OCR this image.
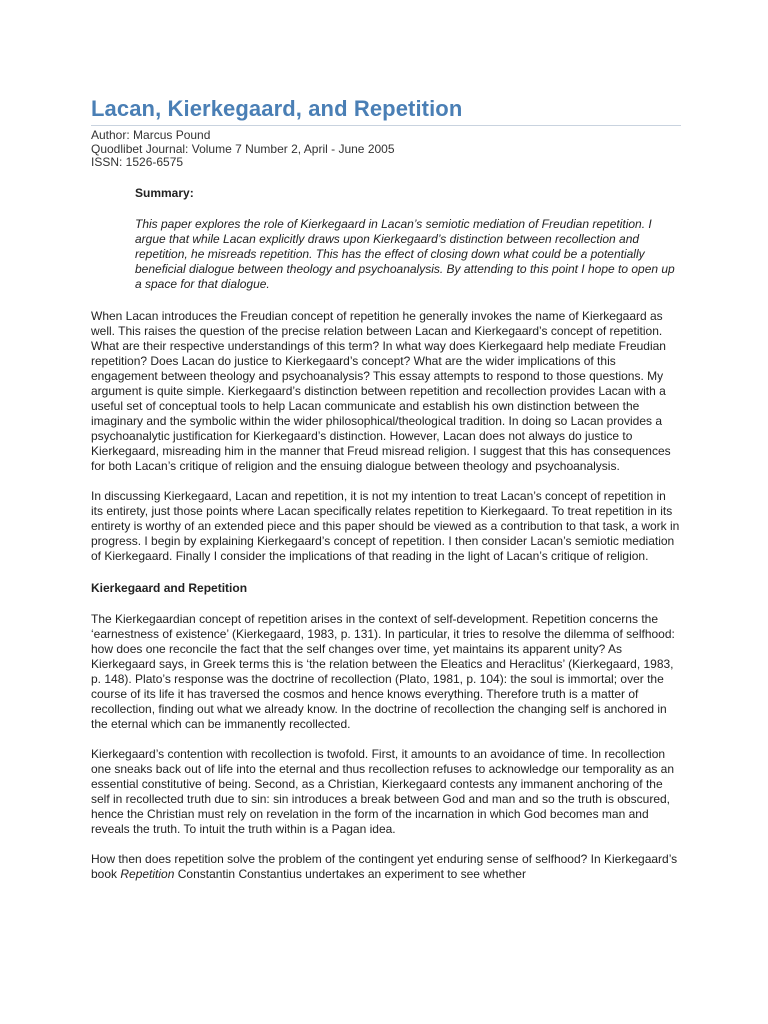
Lacan, Kierkegaard, and Repetition
Author: Marcus Pound
Quodlibet Journal: Volume 7 Number 2, April - June 2005
ISSN: 1526-6575

Summary:

This paper explores the role of Kierkegaard in Lacan’s semiotic mediation of Freudian repetition. I argue that while Lacan explicitly draws upon Kierkegaard’s distinction between recollection and repetition, he misreads repetition. This has the effect of closing down what could be a potentially beneficial dialogue between theology and psychoanalysis. By attending to this point I hope to open up a space for that dialogue.

When Lacan introduces the Freudian concept of repetition he generally invokes the name of Kierkegaard as well. This raises the question of the precise relation between Lacan and Kierkegaard’s concept of repetition. What are their respective understandings of this term? In what way does Kierkegaard help mediate Freudian repetition? Does Lacan do justice to Kierkegaard’s concept? What are the wider implications of this engagement between theology and psychoanalysis? This essay attempts to respond to those questions. My argument is quite simple. Kierkegaard’s distinction between repetition and recollection provides Lacan with a useful set of conceptual tools to help Lacan communicate and establish his own distinction between the imaginary and the symbolic within the wider philosophical/theological tradition. In doing so Lacan provides a psychoanalytic justification for Kierkegaard’s distinction. However, Lacan does not always do justice to Kierkegaard, misreading him in the manner that Freud misread religion. I suggest that this has consequences for both Lacan’s critique of religion and the ensuing dialogue between theology and psychoanalysis.

In discussing Kierkegaard, Lacan and repetition, it is not my intention to treat Lacan’s concept of repetition in its entirety, just those points where Lacan specifically relates repetition to Kierkegaard. To treat repetition in its entirety is worthy of an extended piece and this paper should be viewed as a contribution to that task, a work in progress. I begin by explaining Kierkegaard’s concept of repetition. I then consider Lacan’s semiotic mediation of Kierkegaard. Finally I consider the implications of that reading in the light of Lacan’s critique of religion.

Kierkegaard and Repetition

The Kierkegaardian concept of repetition arises in the context of self-development. Repetition concerns the ‘earnestness of existence’ (Kierkegaard, 1983, p. 131). In particular, it tries to resolve the dilemma of selfhood: how does one reconcile the fact that the self changes over time, yet maintains its apparent unity? As Kierkegaard says, in Greek terms this is ‘the relation between the Eleatics and Heraclitus’ (Kierkegaard, 1983, p. 148). Plato’s response was the doctrine of recollection (Plato, 1981, p. 104): the soul is immortal; over the course of its life it has traversed the cosmos and hence knows everything. Therefore truth is a matter of recollection, finding out what we already know. In the doctrine of recollection the changing self is anchored in the eternal which can be immanently recollected.

Kierkegaard’s contention with recollection is twofold. First, it amounts to an avoidance of time. In recollection one sneaks back out of life into the eternal and thus recollection refuses to acknowledge our temporality as an essential constitutive of being. Second, as a Christian, Kierkegaard contests any immanent anchoring of the self in recollected truth due to sin: sin introduces a break between God and man and so the truth is obscured, hence the Christian must rely on revelation in the form of the incarnation in which God becomes man and reveals the truth. To intuit the truth within is a Pagan idea.

How then does repetition solve the problem of the contingent yet enduring sense of selfhood? In Kierkegaard’s book Repetition Constantin Constantius undertakes an experiment to see whether
